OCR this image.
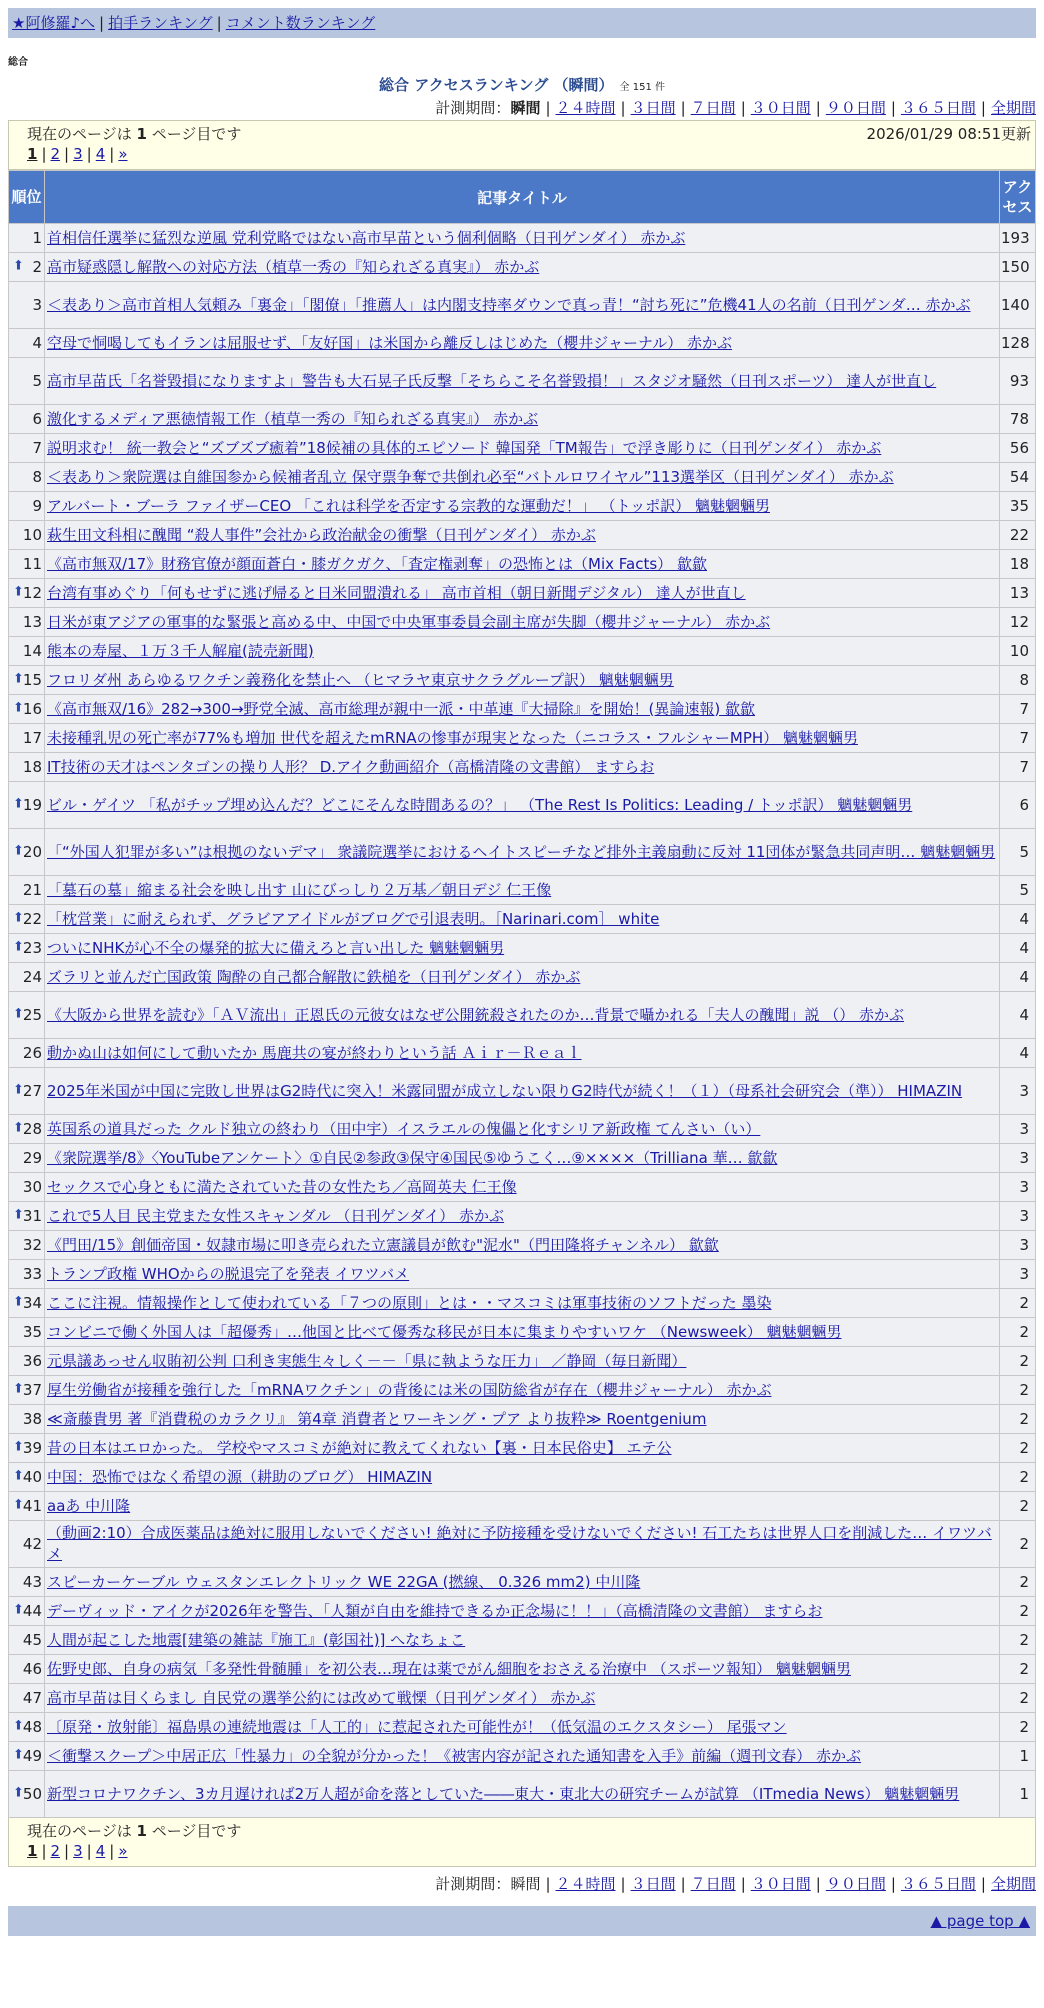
★阿修羅♪へ | 拍手ランキング | コメント数ランキング
総合
総合 アクセスランキング （瞬間） 全 151 件
計測期間：瞬間 | ２４時間 | ３日間 | ７日間 | ３０日間 | ９０日間 | ３６５日間 | 全期間
現在のページは 1 ページ目です	2026/01/29 08:51更新
1 | 2 | 3 | 4 | »
順位	記事タイトル	アクセス
1	首相信任選挙に猛烈な逆風 党利党略ではない高市早苗という個利個略（日刊ゲンダイ） 赤かぶ	193

⬆ 2	高市疑惑隠し解散への対応方法（植草一秀の『知られざる真実』） 赤かぶ	150
3	＜表あり＞高市首相人気頼み「裏金」「閣僚」「推薦人」は内閣支持率ダウンで真っ青！“討ち死に”危機41人の名前（日刊ゲンダ… 赤かぶ	140
4	空母で恫喝してもイランは屈服せず、「友好国」は米国から離反しはじめた（櫻井ジャーナル） 赤かぶ	128
5	高市早苗氏「名誉毀損になりますよ」警告も大石晃子氏反撃「そちらこそ名誉毀損！」スタジオ騒然（日刊スポーツ） 達人が世直し	93
6	激化するメディア悪徳情報工作（植草一秀の『知られざる真実』） 赤かぶ	78
7	説明求む！ 統一教会と“ズブズブ癒着”18候補の具体的エピソード 韓国発「TM報告」で浮き彫りに（日刊ゲンダイ） 赤かぶ	56
8	＜表あり＞衆院選は自維国参から候補者乱立 保守票争奪で共倒れ必至“バトルロワイヤル”113選挙区（日刊ゲンダイ） 赤かぶ	54
9	アルバート・ブーラ ファイザーCEO 「これは科学を否定する宗教的な運動だ！」 （トッポ訳） 魑魅魍魎男	35
10	萩生田文科相に醜聞 “殺人事件”会社から政治献金の衝撃（日刊ゲンダイ） 赤かぶ	22
11	《高市無双/17》財務官僚が顔面蒼白・膝ガクガク、「査定権剥奪」の恐怖とは（Mix Facts） 歙歙	18

⬆ 12	台湾有事めぐり「何もせずに逃げ帰ると日米同盟潰れる」 高市首相（朝日新聞デジタル） 達人が世直し	13
13	日米が東アジアの軍事的な緊張と高める中、中国で中央軍事委員会副主席が失脚（櫻井ジャーナル） 赤かぶ	12
14	熊本の寿屋、１万３千人解雇(読売新聞)	10

⬆ 15	フロリダ州 あらゆるワクチン義務化を禁止へ （ヒマラヤ東京サクラグループ訳） 魑魅魍魎男	8

⬆ 16	《高市無双/16》282→300→野党全滅、高市総理が親中一派・中革連『大掃除』を開始！(異論速報) 歙歙	7
17	未接種乳児の死亡率が77%も増加 世代を超えたmRNAの惨事が現実となった（ニコラス・フルシャーMPH） 魑魅魍魎男	7
18	IT技術の天才はペンタゴンの操り人形？ D.アイク動画紹介（高橋清隆の文書館） ますらお	7

⬆ 19	ビル・ゲイツ 「私がチップ埋め込んだ？どこにそんな時間あるの？」 （The Rest Is Politics: Leading / トッポ訳） 魑魅魍魎男	6

⬆ 20	「“外国人犯罪が多い”は根拠のないデマ」 衆議院選挙におけるヘイトスピーチなど排外主義扇動に反対 11団体が緊急共同声明… 魑魅魍魎男	5
21	「墓石の墓」縮まる社会を映し出す 山にびっしり２万基／朝日デジ 仁王像	5

⬆ 22	「枕営業」に耐えられず、グラビアアイドルがブログで引退表明。［Narinari.com］ white	4

⬆ 23	ついにNHKが心不全の爆発的拡大に備えろと言い出した 魑魅魍魎男	4
24	ズラリと並んだ亡国政策 陶酔の自己都合解散に鉄槌を（日刊ゲンダイ） 赤かぶ	4

⬆ 25	《大阪から世界を読む》「ＡＶ流出」正恩氏の元彼女はなぜ公開銃殺されたのか…背景で囁かれる「夫人の醜聞」説 （） 赤かぶ	4
26	動かぬ山は如何にして動いたか 馬鹿共の宴が終わりという話 Ａｉｒ－Ｒｅａｌ	4

⬆ 27	2025年米国が中国に完敗し世界はG2時代に突入！米露同盟が成立しない限りG2時代が続く！（１）（母系社会研究会（準）） HIMAZIN	3

⬆ 28	英国系の道具だった クルド独立の終わり（田中宇）イスラエルの傀儡と化すシリア新政権 てんさい（い）	3
29	《衆院選挙/8》〈YouTubeアンケート〉①自民②参政③保守④国民⑤ゆうこく…⑨××××（Trilliana 華… 歙歙	3
30	セックスで心身ともに満たされていた昔の女性たち／高岡英夫 仁王像	3

⬆ 31	これで5人目 民主党また女性スキャンダル （日刊ゲンダイ） 赤かぶ	3
32	《門田/15》創価帝国・奴隷市場に叩き売られた立憲議員が飲む"泥水"（門田隆将チャンネル） 歙歙	3
33	トランプ政権 WHOからの脱退完了を発表 イワツバメ	3

⬆ 34	ここに注視。情報操作として使われている「７つの原則」とは・・マスコミは軍事技術のソフトだった 墨染	2
35	コンビニで働く外国人は「超優秀」…他国と比べて優秀な移民が日本に集まりやすいワケ （Newsweek） 魑魅魍魎男	2
36	元県議あっせん収賄初公判 口利き実態生々しく－－「県に執ような圧力」 ／静岡（毎日新聞）	2

⬆ 37	厚生労働省が接種を強行した「mRNAワクチン」の背後には米の国防総省が存在（櫻井ジャーナル） 赤かぶ	2
38	≪斎藤貴男 著『消費税のカラクリ』 第4章 消費者とワーキング・プア より抜粋≫ Roentgenium	2

⬆ 39	昔の日本はエロかった。 学校やマスコミが絶対に教えてくれない【裏・日本民俗史】 エテ公	2

⬆ 40	中国：恐怖ではなく希望の源（耕助のブログ） HIMAZIN	2

⬆ 41	aaあ 中川隆	2
42	（動画2:10）合成医薬品は絶対に服用しないでください! 絶対に予防接種を受けないでください! 石工たちは世界人口を削減した… イワツバメ	2
43	スピーカーケーブル ウェスタンエレクトリック WE 22GA (撚線、 0.326 mm2) 中川隆	2

⬆ 44	デーヴィッド・アイクが2026年を警告、「人類が自由を維持できるか正念場に！！」（高橋清隆の文書館） ますらお	2
45	人間が起こした地震[建築の雑誌『施工』(彰国社)] へなちょこ	2
46	佐野史郎、自身の病気「多発性骨髄腫」を初公表…現在は薬でがん細胞をおさえる治療中 （スポーツ報知） 魑魅魍魎男	2
47	高市早苗は目くらまし 自民党の選挙公約には改めて戦慄（日刊ゲンダイ） 赤かぶ	2

⬆ 48	〔原発・放射能〕福島県の連続地震は「人工的」に惹起された可能性が！（低気温のエクスタシー） 尾張マン	2

⬆ 49	＜衝撃スクープ＞中居正広「性暴力」の全貌が分かった！《被害内容が記された通知書を入手》前編（週刊文春） 赤かぶ	1

⬆ 50	新型コロナワクチン、3カ月遅ければ2万人超が命を落としていた――東大・東北大の研究チームが試算 （ITmedia News） 魑魅魍魎男	1
現在のページは 1 ページ目です
1 | 2 | 3 | 4 | »
計測期間：瞬間 | ２４時間 | ３日間 | ７日間 | ３０日間 | ９０日間 | ３６５日間 | 全期間
▲ page top ▲
